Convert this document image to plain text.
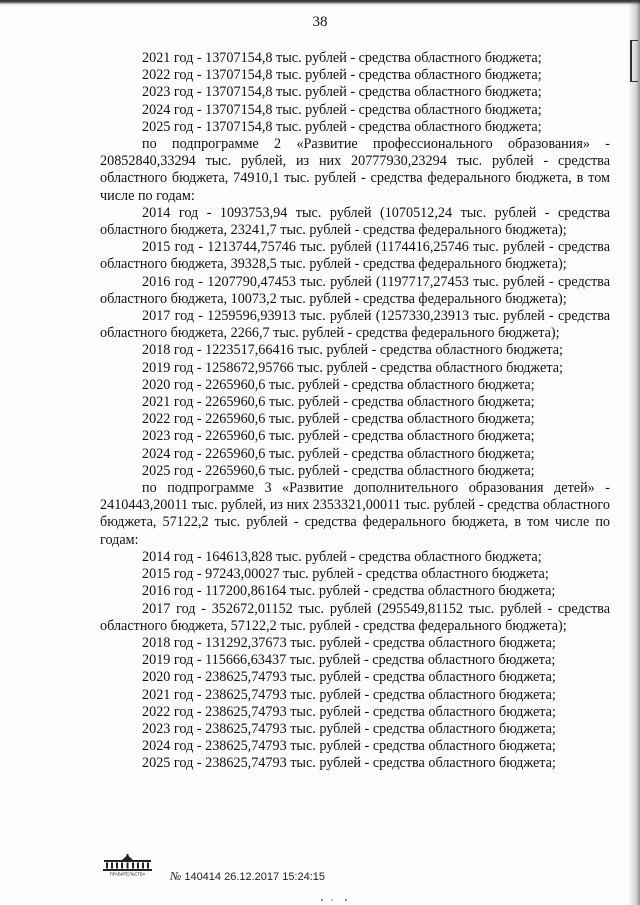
38

2021 год - 13707154,8 тыс. рублей - средства областного бюджета;

2022 год - 13707154,8 тыс. рублей - средства областного бюджета;

2023 год - 13707154,8 тыс. рублей - средства областного бюджета;

2024 год - 13707154,8 тыс. рублей - средства областного бюджета;

2025 год - 13707154,8 тыс. рублей - средства областного бюджета;

по подпрограмме 2 «Развитие профессионального образования» - 20852840,33294 тыс. рублей, из них 20777930,23294 тыс. рублей - средства областного бюджета, 74910,1 тыс. рублей - средства федерального бюджета, в том числе по годам:

2014 год - 1093753,94 тыс. рублей (1070512,24 тыс. рублей - средства областного бюджета, 23241,7 тыс. рублей - средства федерального бюджета);

2015 год - 1213744,75746 тыс. рублей (1174416,25746 тыс. рублей - средства областного бюджета, 39328,5 тыс. рублей - средства федерального бюджета);

2016 год - 1207790,47453 тыс. рублей (1197717,27453 тыс. рублей - средства областного бюджета, 10073,2 тыс. рублей - средства федерального бюджета);

2017 год - 1259596,93913 тыс. рублей (1257330,23913 тыс. рублей - средства областного бюджета, 2266,7 тыс. рублей - средства федерального бюджета);

2018 год - 1223517,66416 тыс. рублей - средства областного бюджета;

2019 год - 1258672,95766 тыс. рублей - средства областного бюджета;

2020 год - 2265960,6 тыс. рублей - средства областного бюджета;

2021 год - 2265960,6 тыс. рублей - средства областного бюджета;

2022 год - 2265960,6 тыс. рублей - средства областного бюджета;

2023 год - 2265960,6 тыс. рублей - средства областного бюджета;

2024 год - 2265960,6 тыс. рублей - средства областного бюджета;

2025 год - 2265960,6 тыс. рублей - средства областного бюджета;

по подпрограмме 3 «Развитие дополнительного образования детей» - 2410443,20011 тыс. рублей, из них 2353321,00011 тыс. рублей - средства областного бюджета, 57122,2 тыс. рублей - средства федерального бюджета, в том числе по годам:

2014 год - 164613,828 тыс. рублей - средства областного бюджета;

2015 год - 97243,00027 тыс. рублей - средства областного бюджета;

2016 год - 117200,86164 тыс. рублей - средства областного бюджета;

2017 год - 352672,01152 тыс. рублей (295549,81152 тыс. рублей - средства областного бюджета, 57122,2 тыс. рублей - средства федерального бюджета);

2018 год - 131292,37673 тыс. рублей - средства областного бюджета;

2019 год - 115666,63437 тыс. рублей - средства областного бюджета;

2020 год - 238625,74793 тыс. рублей - средства областного бюджета;

2021 год - 238625,74793 тыс. рублей - средства областного бюджета;

2022 год - 238625,74793 тыс. рублей - средства областного бюджета;

2023 год - 238625,74793 тыс. рублей - средства областного бюджета;

2024 год - 238625,74793 тыс. рублей - средства областного бюджета;

2025 год - 238625,74793 тыс. рублей - средства областного бюджета;

ПРАВИТЕЛЬСТВА № 140414 26.12.2017 15:24:15
